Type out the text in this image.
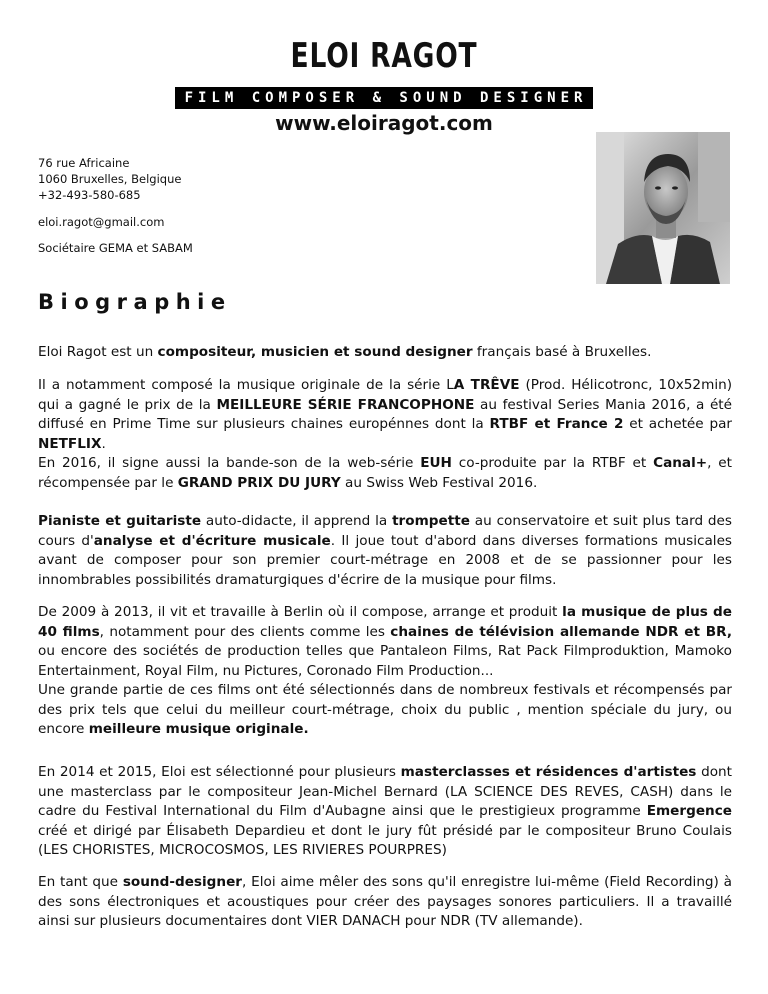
ELOI RAGOT
FILM COMPOSER & SOUND DESIGNER
www.eloiragot.com
76 rue Africaine
1060 Bruxelles, Belgique
+32-493-580-685
eloi.ragot@gmail.com
Sociétaire GEMA et SABAM
Biographie

Eloi Ragot est un compositeur, musicien et sound designer français basé à Bruxelles.

Il a notamment composé la musique originale de la série LA TRÊVE (Prod. Hélicotronc, 10x52min) qui a gagné le prix de la MEILLEURE SÉRIE FRANCOPHONE au festival Series Mania 2016, a été diffusé en Prime Time sur plusieurs chaines europénnes dont la RTBF et France 2 et achetée par NETFLIX.
En 2016, il signe aussi la bande-son de la web-série EUH co-produite par la RTBF et Canal+, et récompensée par le GRAND PRIX DU JURY au Swiss Web Festival 2016.

Pianiste et guitariste auto-didacte, il apprend la trompette au conservatoire et suit plus tard des cours d'analyse et d'écriture musicale. Il joue tout d'abord dans diverses formations musicales avant de composer pour son premier court-métrage en 2008 et de se passionner pour les innombrables possibilités dramaturgiques d'écrire de la musique pour films.

De 2009 à 2013, il vit et travaille à Berlin où il compose, arrange et produit la musique de plus de 40 films, notamment pour des clients comme les chaines de télévision allemande NDR et BR, ou encore des sociétés de production telles que Pantaleon Films, Rat Pack Filmproduktion, Mamoko Entertainment, Royal Film, nu Pictures, Coronado Film Production...
Une grande partie de ces films ont été sélectionnés dans de nombreux festivals et récompensés par des prix tels que celui du meilleur court-métrage, choix du public , mention spéciale du jury, ou encore meilleure musique originale.

En 2014 et 2015, Eloi est sélectionné pour plusieurs masterclasses et résidences d'artistes dont une masterclass par le compositeur Jean-Michel Bernard (LA SCIENCE DES REVES, CASH) dans le cadre du Festival International du Film d'Aubagne ainsi que le prestigieux programme Emergence créé et dirigé par Élisabeth Depardieu et dont le jury fût présidé par le compositeur Bruno Coulais (LES CHORISTES, MICROCOSMOS, LES RIVIERES POURPRES)

En tant que sound-designer, Eloi aime mêler des sons qu'il enregistre lui-même (Field Recording) à des sons électroniques et acoustiques pour créer des paysages sonores particuliers. Il a travaillé ainsi sur plusieurs documentaires dont VIER DANACH pour NDR (TV allemande).
